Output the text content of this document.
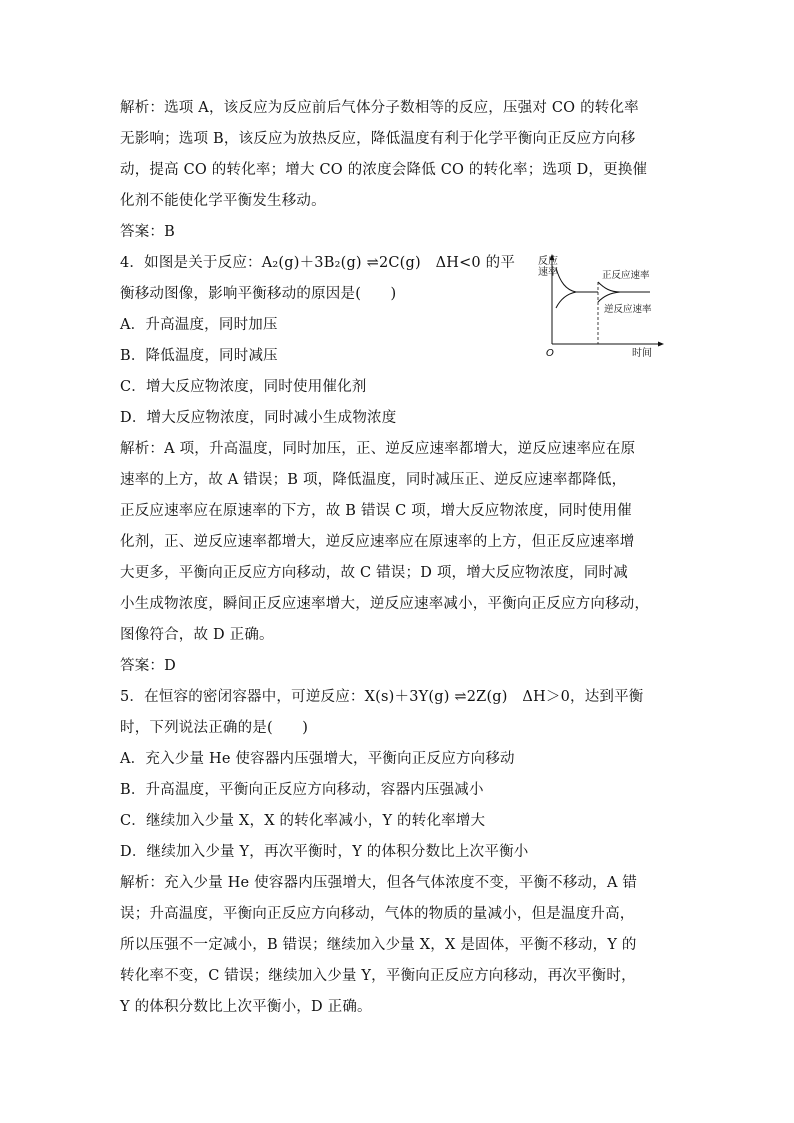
解析：选项 A，该反应为反应前后气体分子数相等的反应，压强对 CO 的转化率
无影响；选项 B，该反应为放热反应，降低温度有利于化学平衡向正反应方向移
动，提高 CO 的转化率；增大 CO 的浓度会降低 CO 的转化率；选项 D，更换催
化剂不能使化学平衡发生移动。
答案：B
4．如图是关于反应：A₂(g)＋3B₂(g) ⇌2C(g)　ΔH<0 的平
衡移动图像，影响平衡移动的原因是(　　)
A．升高温度，同时加压
B．降低温度，同时减压
C．增大反应物浓度，同时使用催化剂
D．增大反应物浓度，同时减小生成物浓度
反应
速率	正反应速率
逆反应速率
O	时间
解析：A 项，升高温度，同时加压，正、逆反应速率都增大，逆反应速率应在原
速率的上方，故 A 错误；B 项，降低温度，同时减压正、逆反应速率都降低，
正反应速率应在原速率的下方，故 B 错误 C 项，增大反应物浓度，同时使用催
化剂，正、逆反应速率都增大，逆反应速率应在原速率的上方，但正反应速率增
大更多，平衡向正反应方向移动，故 C 错误；D 项，增大反应物浓度，同时减
小生成物浓度，瞬间正反应速率增大，逆反应速率减小，平衡向正反应方向移动，
图像符合，故 D 正确。
答案：D
5．在恒容的密闭容器中，可逆反应：X(s)＋3Y(g) ⇌2Z(g)　ΔH＞0，达到平衡
时，下列说法正确的是(　　)
A．充入少量 He 使容器内压强增大，平衡向正反应方向移动
B．升高温度，平衡向正反应方向移动，容器内压强减小
C．继续加入少量 X，X 的转化率减小，Y 的转化率增大
D．继续加入少量 Y，再次平衡时，Y 的体积分数比上次平衡小
解析：充入少量 He 使容器内压强增大，但各气体浓度不变，平衡不移动，A 错
误；升高温度，平衡向正反应方向移动，气体的物质的量减小，但是温度升高，
所以压强不一定减小，B 错误；继续加入少量 X，X 是固体，平衡不移动，Y 的
转化率不变，C 错误；继续加入少量 Y，平衡向正反应方向移动，再次平衡时，
Y 的体积分数比上次平衡小，D 正确。
